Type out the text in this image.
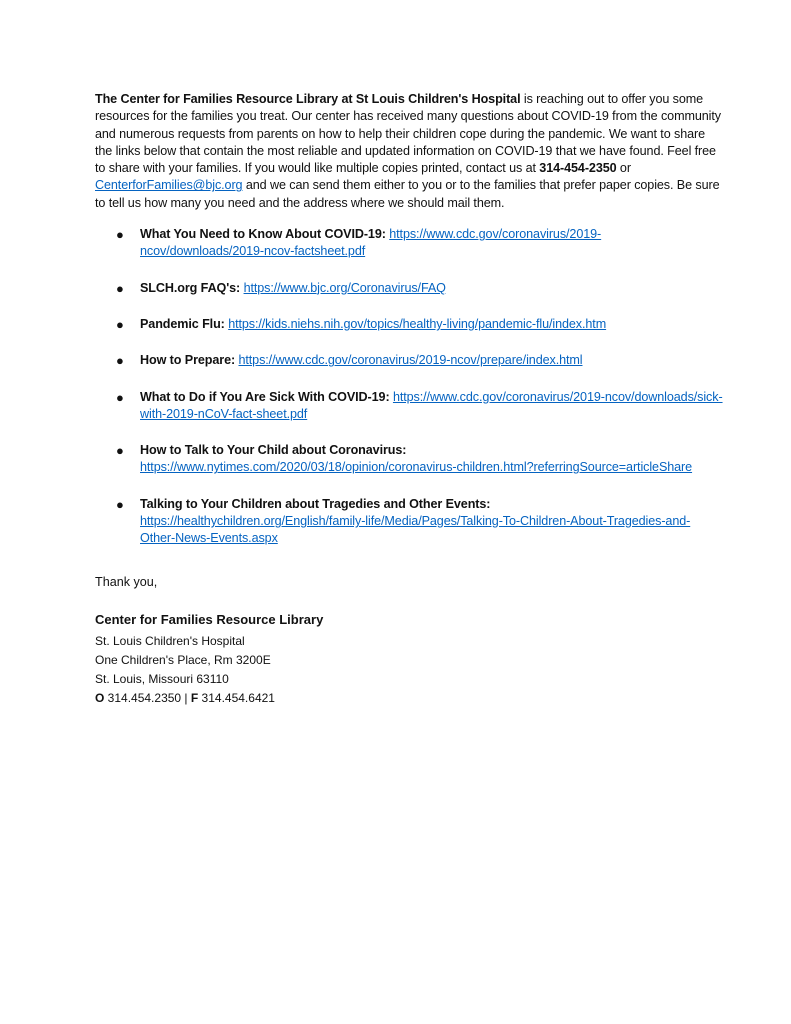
The Center for Families Resource Library at St Louis Children's Hospital is reaching out to offer you some resources for the families you treat. Our center has received many questions about COVID-19 from the community and numerous requests from parents on how to help their children cope during the pandemic. We want to share the links below that contain the most reliable and updated information on COVID-19 that we have found. Feel free to share with your families. If you would like multiple copies printed, contact us at 314-454-2350 or CenterforFamilies@bjc.org and we can send them either to you or to the families that prefer paper copies. Be sure to tell us how many you need and the address where we should mail them.

● What You Need to Know About COVID-19: https://www.cdc.gov/coronavirus/2019-ncov/downloads/2019-ncov-factsheet.pdf
● SLCH.org FAQ's: https://www.bjc.org/Coronavirus/FAQ
● Pandemic Flu: https://kids.niehs.nih.gov/topics/healthy-living/pandemic-flu/index.htm
● How to Prepare: https://www.cdc.gov/coronavirus/2019-ncov/prepare/index.html
● What to Do if You Are Sick With COVID-19: https://www.cdc.gov/coronavirus/2019-ncov/downloads/sick-with-2019-nCoV-fact-sheet.pdf
● How to Talk to Your Child about Coronavirus:
https://www.nytimes.com/2020/03/18/opinion/coronavirus-children.html?referringSource=articleShare
● Talking to Your Children about Tragedies and Other Events:
https://healthychildren.org/English/family-life/Media/Pages/Talking-To-Children-About-Tragedies-and-Other-News-Events.aspx

Thank you,

Center for Families Resource Library
St. Louis Children's Hospital
One Children's Place, Rm 3200E
St. Louis, Missouri 63110
O 314.454.2350 | F 314.454.6421
